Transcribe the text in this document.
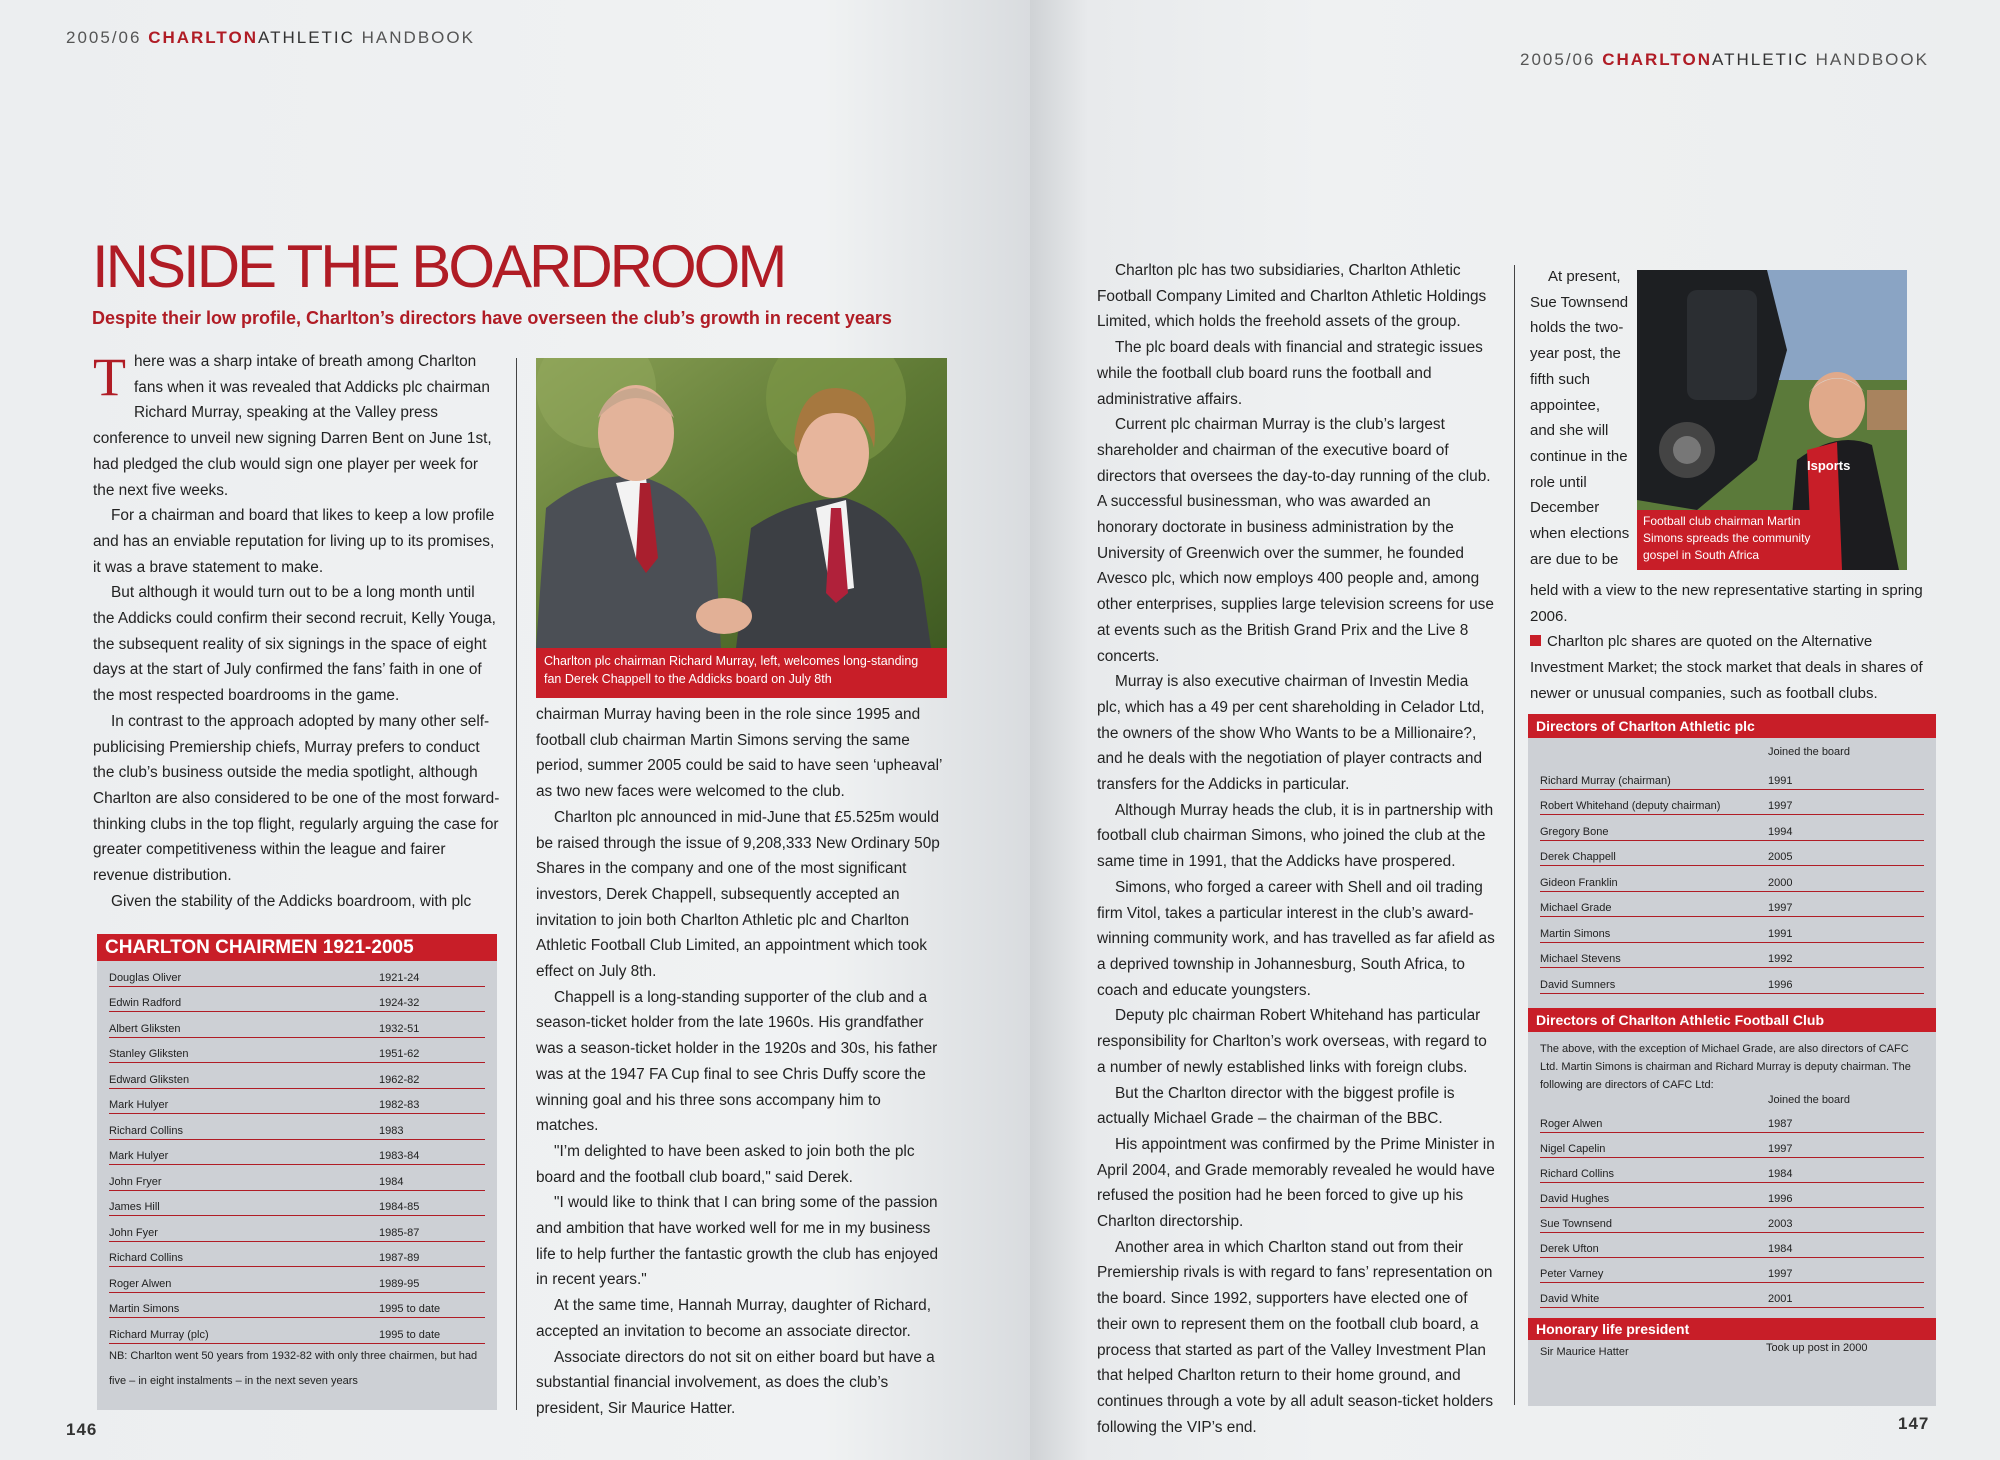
2005/06 CHARLTONATHLETIC HANDBOOK
INSIDE THE BOARDROOM
Despite their low profile, Charlton’s directors have overseen the club’s growth in recent years

There was a sharp intake of breath among Charlton fans when it was revealed that Addicks plc chairman Richard Murray, speaking at the Valley press conference to unveil new signing Darren Bent on June 1st, had pledged the club would sign one player per week for the next five weeks.

For a chairman and board that likes to keep a low profile and has an enviable reputation for living up to its promises, it was a brave statement to make.

But although it would turn out to be a long month until the Addicks could confirm their second recruit, Kelly Youga, the subsequent reality of six signings in the space of eight days at the start of July confirmed the fans’ faith in one of the most respected boardrooms in the game.

In contrast to the approach adopted by many other self-publicising Premiership chiefs, Murray prefers to conduct the club’s business outside the media spotlight, although Charlton are also considered to be one of the most forward-thinking clubs in the top flight, regularly arguing the case for greater competitiveness within the league and fairer revenue distribution.

Given the stability of the Addicks boardroom, with plc

CHARLTON CHAIRMEN 1921-2005
Douglas Oliver	1921-24
Edwin Radford	1924-32
Albert Gliksten	1932-51
Stanley Gliksten	1951-62
Edward Gliksten	1962-82
Mark Hulyer	1982-83
Richard Collins	1983
Mark Hulyer	1983-84
John Fryer	1984
James Hill	1984-85
John Fyer	1985-87
Richard Collins	1987-89
Roger Alwen	1989-95
Martin Simons	1995 to date
Richard Murray (plc)	1995 to date
NB: Charlton went 50 years from 1932-82 with only three chairmen, but had five – in eight instalments – in the next seven years
Charlton plc chairman Richard Murray, left, welcomes long-standing fan Derek Chappell to the Addicks board on July 8th

chairman Murray having been in the role since 1995 and football club chairman Martin Simons serving the same period, summer 2005 could be said to have seen ‘upheaval’ as two new faces were welcomed to the club.

Charlton plc announced in mid-June that £5.525m would be raised through the issue of 9,208,333 New Ordinary 50p Shares in the company and one of the most significant investors, Derek Chappell, subsequently accepted an invitation to join both Charlton Athletic plc and Charlton Athletic Football Club Limited, an appointment which took effect on July 8th.

Chappell is a long-standing supporter of the club and a season-ticket holder from the late 1960s. His grandfather was a season-ticket holder in the 1920s and 30s, his father was at the 1947 FA Cup final to see Chris Duffy score the winning goal and his three sons accompany him to matches.

"I’m delighted to have been asked to join both the plc board and the football club board," said Derek.

"I would like to think that I can bring some of the passion and ambition that have worked well for me in my business life to help further the fantastic growth the club has enjoyed in recent years."

At the same time, Hannah Murray, daughter of Richard, accepted an invitation to become an associate director.

Associate directors do not sit on either board but have a substantial financial involvement, as does the club’s president, Sir Maurice Hatter.

146
2005/06 CHARLTONATHLETIC HANDBOOK

Charlton plc has two subsidiaries, Charlton Athletic Football Company Limited and Charlton Athletic Holdings Limited, which holds the freehold assets of the group.

The plc board deals with financial and strategic issues while the football club board runs the football and administrative affairs.

Current plc chairman Murray is the club’s largest shareholder and chairman of the executive board of directors that oversees the day-to-day running of the club. A successful businessman, who was awarded an honorary doctorate in business administration by the University of Greenwich over the summer, he founded Avesco plc, which now employs 400 people and, among other enterprises, supplies large television screens for use at events such as the British Grand Prix and the Live 8 concerts.

Murray is also executive chairman of Investin Media plc, which has a 49 per cent shareholding in Celador Ltd, the owners of the show Who Wants to be a Millionaire?, and he deals with the negotiation of player contracts and transfers for the Addicks in particular.

Although Murray heads the club, it is in partnership with football club chairman Simons, who joined the club at the same time in 1991, that the Addicks have prospered.

Simons, who forged a career with Shell and oil trading firm Vitol, takes a particular interest in the club’s award-winning community work, and has travelled as far afield as a deprived township in Johannesburg, South Africa, to coach and educate youngsters.

Deputy plc chairman Robert Whitehand has particular responsibility for Charlton’s work overseas, with regard to a number of newly established links with foreign clubs.

But the Charlton director with the biggest profile is actually Michael Grade – the chairman of the BBC.

His appointment was confirmed by the Prime Minister in April 2004, and Grade memorably revealed he would have refused the position had he been forced to give up his Charlton directorship.

Another area in which Charlton stand out from their Premiership rivals is with regard to fans’ representation on the board. Since 1992, supporters have elected one of their own to represent them on the football club board, a process that started as part of the Valley Investment Plan that helped Charlton return to their home ground, and continues through a vote by all adult season-ticket holders following the VIP’s end.

At present,
Sue Townsend
holds the two-
year post, the
fifth such
appointee,
and she will
continue in the
role until
December
when elections
are due to be
Isports
Football club chairman Martin Simons spreads the community gospel in South Africa

held with a view to the new representative starting in spring 2006.

Charlton plc shares are quoted on the Alternative Investment Market; the stock market that deals in shares of newer or unusual companies, such as football clubs.

Directors of Charlton Athletic plc
Joined the board
Richard Murray (chairman)	1991
Robert Whitehand (deputy chairman)	1997
Gregory Bone	1994
Derek Chappell	2005
Gideon Franklin	2000
Michael Grade	1997
Martin Simons	1991
Michael Stevens	1992
David Sumners	1996
Directors of Charlton Athletic Football Club
The above, with the exception of Michael Grade, are also directors of CAFC Ltd. Martin Simons is chairman and Richard Murray is deputy chairman. The following are directors of CAFC Ltd:
Joined the board
Roger Alwen	1987
Nigel Capelin	1997
Richard Collins	1984
David Hughes	1996
Sue Townsend	2003
Derek Ufton	1984
Peter Varney	1997
David White	2001
Honorary life president
Sir Maurice Hatter	Took up post in 2000
147
